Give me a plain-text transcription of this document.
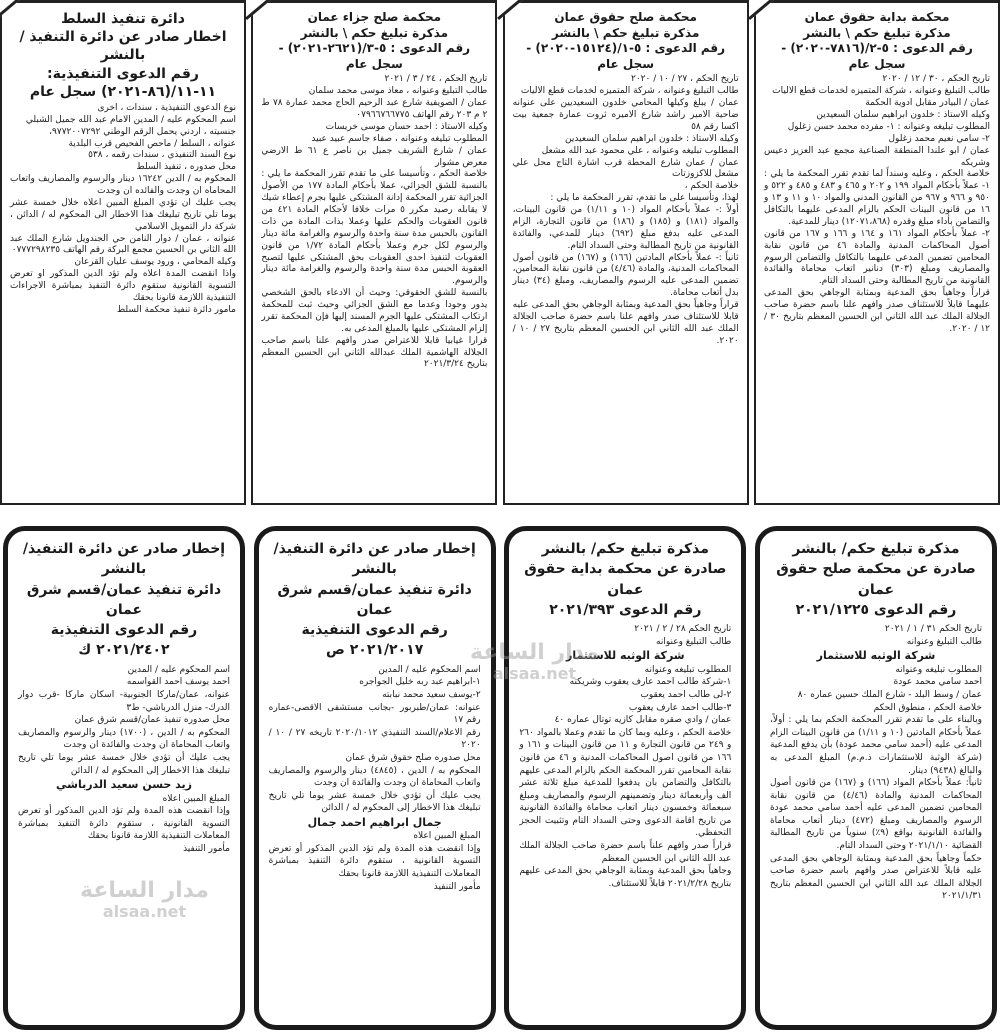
محكمة بداية حقوق عمان
مذكرة تبليغ حكم \ بالنشر
رقم الدعوى : ٥-٢/(٧٨١٦-٢٠٢٠) - سجل عام

تاريخ الحكم ، ٣٠ / ١٢ / ٢٠٢٠

طالب التبليغ وعنوانه ، شركة المتميزه لخدمات قطع الاليات

عمان / البيادر مقابل ادوية الحكمة

وكيله الاستاذ : خلدون ابراهيم سلمان السعيدين

المطلوب تبليغه وعنوانه : ١- مفرده محمد حسن زغلول

٢- سامي نعيم محمد زغلول

عمان / ابو علندا المنطقة الصناعية مجمع عبد العزيز دعيس وشريكه

خلاصة الحكم ، وعليه وسنداً لما تقدم تقرر المحكمة ما يلي : ١- عملاً بأحكام المواد ١٩٩ و ٢٠٢ و ٤٦٥ و ٤٨٣ و ٤٨٥ و ٥٢٢ و ٩٥٠ و ٩٦٦ و ٩٦٧ من القانون المدني والمواد ١٠ و ١١ و ١٣ و ١٦ من قانون البينات الحكم بالزام المدعى عليهما بالتكافل والتضامن بأداء مبلغ وقدره (١٢٠٧١،٨٦٨) دينار للمدعية.

٢- عملاً بأحكام المواد ١٦١ و ١٦٤ و ١٦٦ و ١٦٧ من قانون أصول المحاكمات المدنية والمادة ٤٦ من قانون نقابة المحامين تضمين المدعى عليهما بالتكافل والتضامن الرسوم والمصاريف ومبلغ (٣٠٣) دنانير اتعاب محاماة والفائدة القانونية من تاريخ المطالبة وحتى السداد التام.

قراراً وجاهياً بحق المدعية وبمثابة الوجاهي بحق المدعى عليهما قابلاً للاستئناف صدر وافهم علنا باسم حضرة صاحب الجلالة الملك عبد الله الثاني ابن الحسين المعظم بتاريخ ٣٠ / ١٢ / ٢٠٢٠.

محكمة صلح حقوق عمان
مذكرة تبليغ حكم \ بالنشر
رقم الدعوى : ٥-١/(١٥١٢٤-٢٠٢٠) - سجل عام

تاريخ الحكم ، ٢٧ / ١٠ / ٢٠٢٠

طالب التبليغ وعنوانه ، شركة المتميزه لخدمات قطع الاليات

عمان / يبلغ وكيلها المحامي خلدون السعيديين على عنوانه ضاحية الامير راشد شارع الاميره ثروت عمارة جمعية بيت اكسا رقم ٥٨

وكيله الاستاذ : خلدون ابراهيم سلمان السعيدين

المطلوب تبليغه وعنوانه ، علي محمود عبد الله مشعل

عمان / عمان شارع المحطة قرب اشارة التاج محل علي مشعل للاكزوزتات

خلاصة الحكم ،

لهذا، وتأسيسا على ما تقدم، تقرر المحكمة ما يلي :

أولاً :- عملاً بأحكام المواد (١٠ و ١/١١) من قانون البينات، والمواد (١٨١) و (١٨٥) و (١٨٦) من قانون التجارة، الزام المدعى عليه بدفع مبلغ (٦٩٢) دينار للمدعي، والفائدة القانونية من تاريخ المطالبة وحتى السداد التام.

ثانياً :- عملاً بأحكام المادتين (١٦٦) و (١٦٧) من قانون أصول المحاكمات المدنية، والمادة (٤/٤٦) من قانون نقابة المحامين، تضمين المدعى عليه الرسوم والمصاريف، ومبلغ (٣٤) دينار بدل أتعاب محاماة.

قراراً وجاهياً بحق المدعية وبمثابة الوجاهي بحق المدعى عليه قابلا للاستئناف صدر وافهم علنا باسم حضرة صاحب الجلالة الملك عبد الله الثاني ابن الحسين المعظم بتاريخ ٢٧ / ١٠ / ٢٠٢٠.

محكمة صلح جزاء عمان
مذكرة تبليغ حكم \ بالنشر
رقم الدعوى : ٥-٣/(٢٦٢١-٢٠٢١) - سجل عام

تاريخ الحكم ، ٢٤ / ٣ / ٢٠٢١

طالب التبليغ وعنوانه ، معاذ موسى محمد سلمان

عمان / الصويفية شارع عبد الرحيم الحاج محمد عمارة ٧٨ ط ٢ م ٢٠٣ رقم الهاتف ٠٧٩٦٦٧٦٦٧٧٥

وكيله الاستاذ : احمد حسان موسى خريسات

المطلوب تبليغه وعنوانه ، صفاء جاسم عبيد عبيد

عمان / شارع الشريف جميل بن ناصر ع ٦١ ط الارضي معرض مشوار

خلاصة الحكم ، وتأسيسا على ما تقدم تقرر المحكمة ما يلي : بالنسبة للشق الجزائي، عملا بأحكام المادة ١٧٧ من الأصول الجزائية تقرر المحكمة إدانة المشتكى عليها بجرم إعطاء شيك لا يقابله رصيد مكرر ٥ مرات خلافا لأحكام المادة ٤٢١ من قانون العقوبات والحكم عليها وعملا بذات المادة من ذات القانون بالحبس مدة سنة واحدة والرسوم والغرامة مائة دينار والرسوم لكل جرم وعملا بأحكام المادة ١/٧٢ من قانون العقوبات لتنفيذ احدى العقوبات بحق المشتكى عليها لتصبح العقوبة الحبس مدة سنة واحدة والرسوم والغرامة مائة دينار والرسوم.

بالنسبة للشق الحقوقي: وحيث أن الادعاء بالحق الشخصي يدور وجودا وعدما مع الشق الجزائي وحيث ثبت للمحكمة ارتكاب المشتكى عليها الجرم المسند إليها فإن المحكمة تقرر إلزام المشتكى عليها بالمبلغ المدعى به.

قرارا غيابيا قابلا للاعتراض صدر وافهم علنا باسم صاحب الجلالة الهاشمية الملك عبدالله الثاني ابن الحسين المعظم بتاريخ ٢٠٢١/٣/٢٤

دائرة تنفيذ السلط
اخطار صادر عن دائرة التنفيذ / بالنشر
رقم الدعوى التنفيذية: ١١-١١/(٨٦-٢٠٢١) سجل عام

نوع الدعوى التنفيذية ، سندات ، اخرى

اسم المحكوم عليه / المدين الامام عبد الله جميل الشبلي

جنسيته ، اردني يحمل الرقم الوطني ٩٧٧٢٠٠٧٢٩٢،

عنوانه ، السلط / ماحص الفحيص قرب البلدية

نوع السند التنفيذي ، سندات رقمه ، ٥٣٨

محل صدوره ، تنفيذ السلط

المحكوم به / الدين ١٦٢٤٢ دينار والرسوم والمصاريف واتعاب المحاماه ان وجدت والفائده ان وجدت

يجب عليك ان تؤدي المبلغ المبين اعلاه خلال خمسة عشر يوما تلي تاريخ تبليغك هذا الاخطار الى المحكوم له / الدائن ، شركة دار التمويل الاسلامي

عنوانه ، عمان / دوار النامن حي الجندويل شارع الملك عبد الله الثاني بن الحسين مجمع البركة رقم الهاتف ٠٧٧٧٢٩٨٢٣٥

وكيله المحامي ، ورود يوسف عليان القرعان

واذا انقضت المدة اعلاه ولم تؤد الدين المذكور او تعرض التسوية القانونية ستقوم دائرة التنفيذ بمباشرة الاجراءات التنفيذية اللازمة قانونا بحقك

مامور دائرة تنفيذ محكمة السلط

مذكرة تبليغ حكم/ بالنشر
صادرة عن محكمة صلح حقوق عمان
رقم الدعوى ٢٠٢١/١٢٢٥

تاريخ الحكم ٣١ / ١ / ٢٠٢١

طالب التبليغ وعنوانه

شركة الوثبه للاستثمار

المطلوب تبليغه وعنوانه

احمد سامي محمد عودة

عمان / وسط البلد - شارع الملك حسين عماره ٨٠

خلاصة الحكم ، منطوق الحكم

وبالبناء على ما تقدم تقرر المحكمة الحكم بما يلي : أولاً، عملاً بأحكام المادتين (١٠ و ١/١١) من قانون البينات الزام المدعى عليه (أحمد سامي محمد عودة) بأن يدفع المدعية (شركة الوثبة للاستثمارات ذ.م.م) المبلغ المدعى به والبالغ (٩٤٣٨) دينار.

ثانياً: عملاً بأحكام المواد (١٦٦) و (١٦٧) من قانون أصول المحاكمات المدنية والمادة (٤/٤٦) من قانون نقابة المحامين تضمين المدعى عليه أحمد سامي محمد عودة الرسوم والمصاريف ومبلغ (٤٧٢) دينار أتعاب محاماة والفائدة القانونية بواقع (٩٪) سنوياً من تاريخ المطالبة القضائية ٢٠٢١/١/١٠ وحتى السداد التام.

حكماً وجاهياً بحق المدعية وبمثابة الوجاهي بحق المدعى عليه قابلاً للاعتراض صدر وافهم باسم حضرة صاحب الجلالة الملك عبد الله الثاني ابن الحسين المعظم بتاريخ ٢٠٢١/١/٣١

مذكرة تبليغ حكم/ بالنشر
صادرة عن محكمة بداية حقوق عمان
رقم الدعوى ٢٠٢١/٣٩٣

تاريخ الحكم ٢٨ / ٢ / ٢٠٢١

طالب التبليغ وعنوانه

شركة الوثبه للاستثمار

المطلوب تبليغه وعنوانه

١-شركة طالب احمد عارف يعقوب وشريكته

٢-لى طالب احمد يعقوب

٣-طالب احمد عارف يعقوب

عمان / وادي صقره مقابل كازيه توتال عماره ٤٠

خلاصة الحكم ، وعليه وبما كان ما تقدم وعملا بالمواد ٢٦٠ و ٢٤٩ من قانون التجارة و ١١ من قانون البينات و ١٦١ و ١٦٦ من قانون اصول المحاكمات المدنية و ٤٦ من قانون نقابة المحامين تقرر المحكمة الحكم بالزام المدعى عليهم بالتكافل والتضامن بان يدفعوا للمدعية مبلغ ثلاثة عشر الف وأربعمائة دينار وتضمينهم الرسوم والمصاريف ومبلغ سبعمائة وخمسون دينار اتعاب محاماة والفائدة القانونية من تاريخ اقامة الدعوى وحتى السداد التام وتثبيت الحجز التحفظي.

قراراً صدر وافهم علناً باسم حضرة صاحب الجلالة الملك عبد الله الثاني ابن الحسين المعظم

وجاهياً بحق المدعية وبمثابة الوجاهي بحق المدعى عليهم بتاريخ ٢٠٢١/٢/٢٨ قابلاً للاستئناف.

إخطار صادر عن دائرة التنفيذ/ بالنشر
دائرة تنفيذ عمان/قسم شرق عمان
رقم الدعوى التنفيذية
٢٠٢١/٢٠١٧ ص

اسم المحكوم عليه / المدين

١-ابراهيم عبد ربه خليل الجواجره

٢-يوسف سعيد محمد نبابته

عنوانه: عمان/طبربور -بجانب مستشفى الاقصى-عماره رقم ١٧

رقم الاعلام/السند التنفيذي ٢٠٢٠/١٠١٢ تاريخه ٢٧ / ١٠ / ٢٠٢٠

محل صدوره صلح حقوق شرق عمان

المحكوم به / الدين ، (٤٨٤٥) دينار والرسوم والمصاريف واتعاب المحاماة ان وجدت والفائدة ان وجدت

يجب عليك أن تؤدي خلال خمسة عشر يوما تلي تاريخ تبليغك هذا الاخطار إلى المحكوم له / الدائن

جمال ابراهيم احمد جمال

المبلغ المبين اعلاه

وإذا انقضت هذه المدة ولم تؤد الدين المذكور أو تعرض التسوية القانونية ، ستقوم دائرة التنفيذ بمباشرة المعاملات التنفيذية اللازمة قانونا بحقك

مأمور التنفيذ

إخطار صادر عن دائرة التنفيذ/ بالنشر
دائرة تنفيذ عمان/قسم شرق عمان
رقم الدعوى التنفيذية
٢٠٢١/٢٤٠٢ ك

اسم المحكوم عليه / المدين

احمد يوسف احمد القواسمه

عنوانه، عمان/ماركا الجنوبية- اسكان ماركا -قرب دوار الدرك- منزل الدرباشي- ط٣

محل صدوره تنفيذ عمان/قسم شرق عمان

المحكوم به / الدين ، (١٧٠٠) دينار والرسوم والمصاريف واتعاب المحاماة ان وجدت والفائدة ان وجدت

يجب عليك أن تؤدي خلال خمسة عشر يوما تلي تاريخ تبليغك هذا الاخطار إلى المحكوم له / الدائن

زيد حسن سعيد الدرباشي

المبلغ المبين اعلاه

وإذا انقضت هذه المدة ولم تؤد الدين المذكور أو تعرض التسوية القانونية ، ستقوم دائرة التنفيذ بمباشرة المعاملات التنفيذية اللازمة قانونا بحقك

مأمور التنفيذ

مدار الساعة
alsaa.net
مدار الساعة
alsaa.net
